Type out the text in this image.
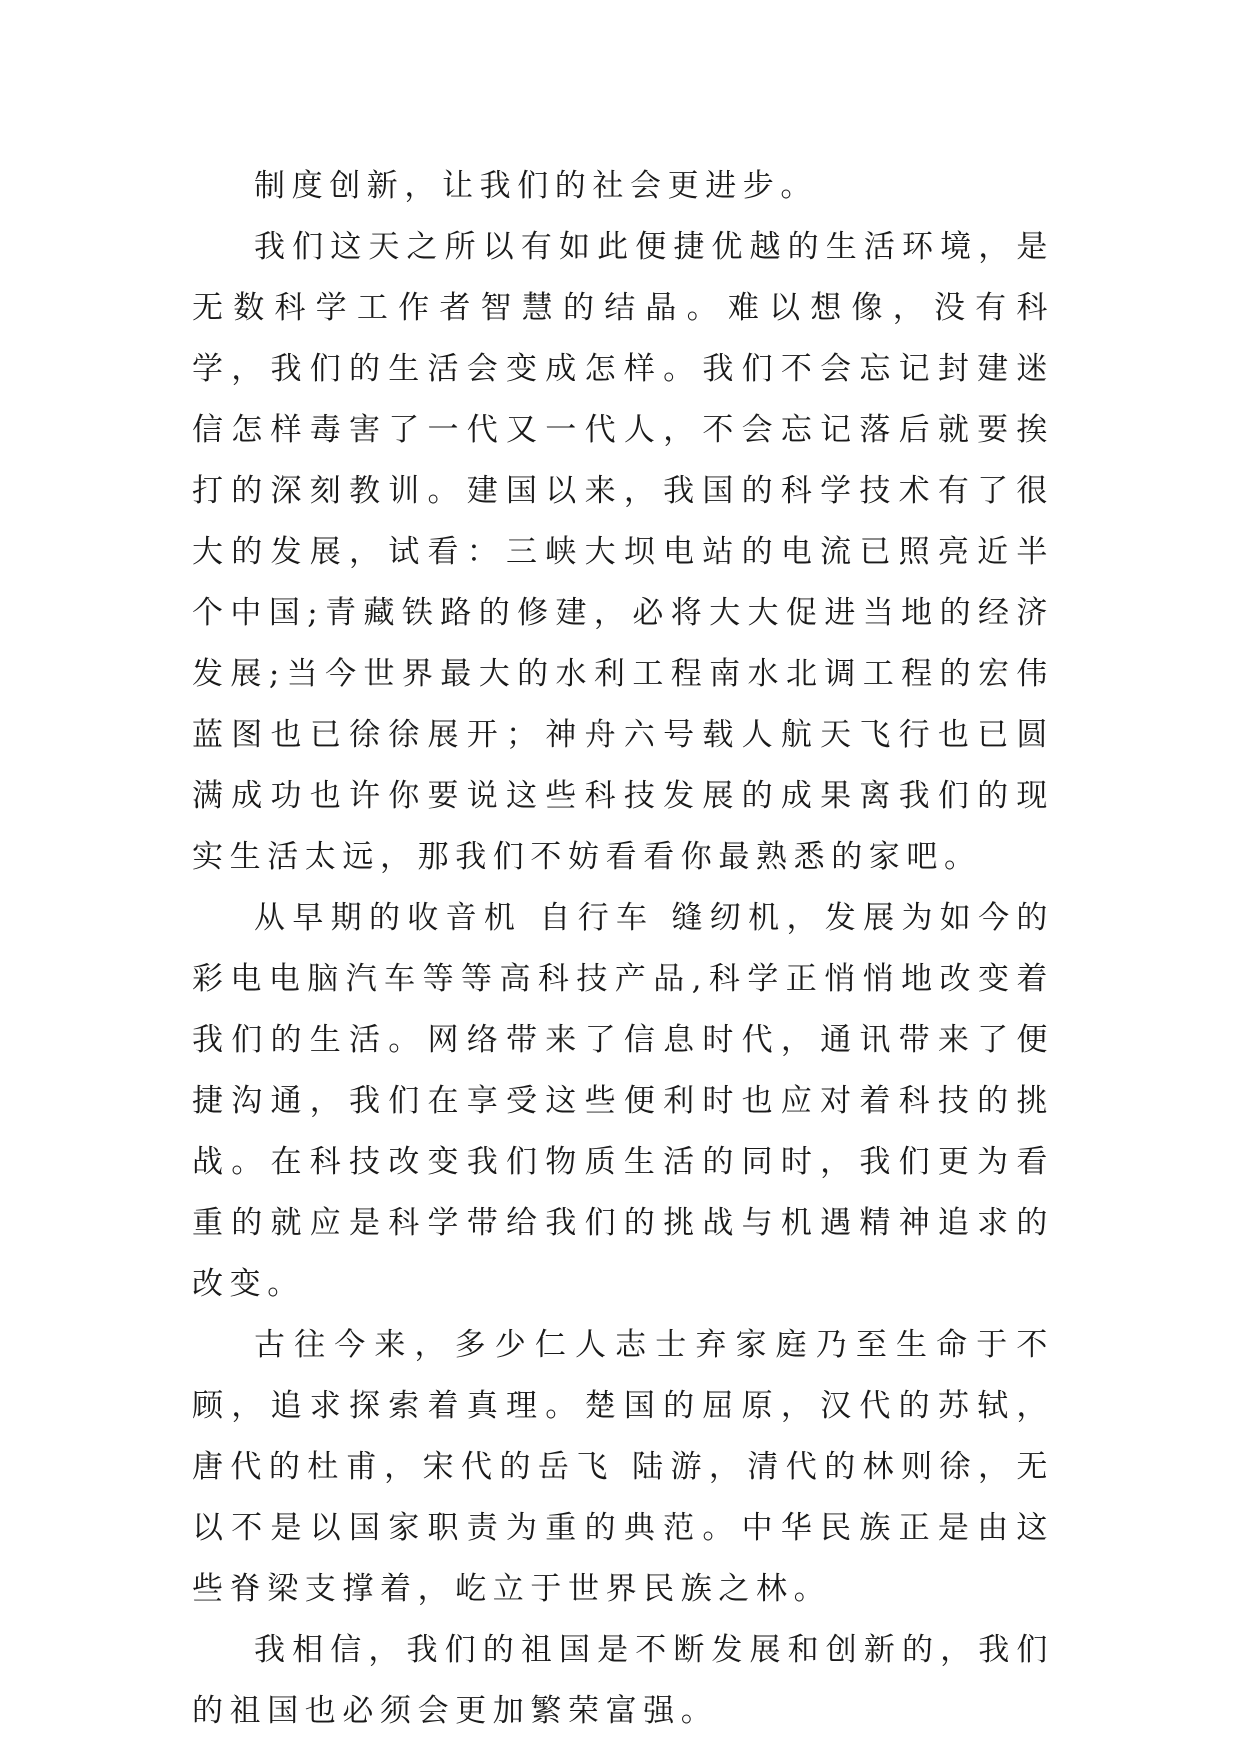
制度创新，让我们的社会更进步。

我们这天之所以有如此便捷优越的生活环境，是无数科学工作者智慧的结晶。难以想像，没有科学，我们的生活会变成怎样。我们不会忘记封建迷信怎样毒害了一代又一代人，不会忘记落后就要挨打的深刻教训。建国以来，我国的科学技术有了很大的发展，试看：三峡大坝电站的电流已照亮近半个中国;青藏铁路的修建，必将大大促进当地的经济发展;当今世界最大的水利工程南水北调工程的宏伟蓝图也已徐徐展开；神舟六号载人航天飞行也已圆满成功也许你要说这些科技发展的成果离我们的现实生活太远，那我们不妨看看你最熟悉的家吧。

从早期的收音机 自行车 缝纫机，发展为如今的彩电电脑汽车等等高科技产品,科学正悄悄地改变着我们的生活。网络带来了信息时代，通讯带来了便捷沟通，我们在享受这些便利时也应对着科技的挑战。在科技改变我们物质生活的同时，我们更为看重的就应是科学带给我们的挑战与机遇精神追求的改变。

古往今来，多少仁人志士弃家庭乃至生命于不顾，追求探索着真理。楚国的屈原，汉代的苏轼，唐代的杜甫，宋代的岳飞 陆游，清代的林则徐，无以不是以国家职责为重的典范。中华民族正是由这些脊梁支撑着，屹立于世界民族之林。

我相信，我们的祖国是不断发展和创新的，我们的祖国也必须会更加繁荣富强。
